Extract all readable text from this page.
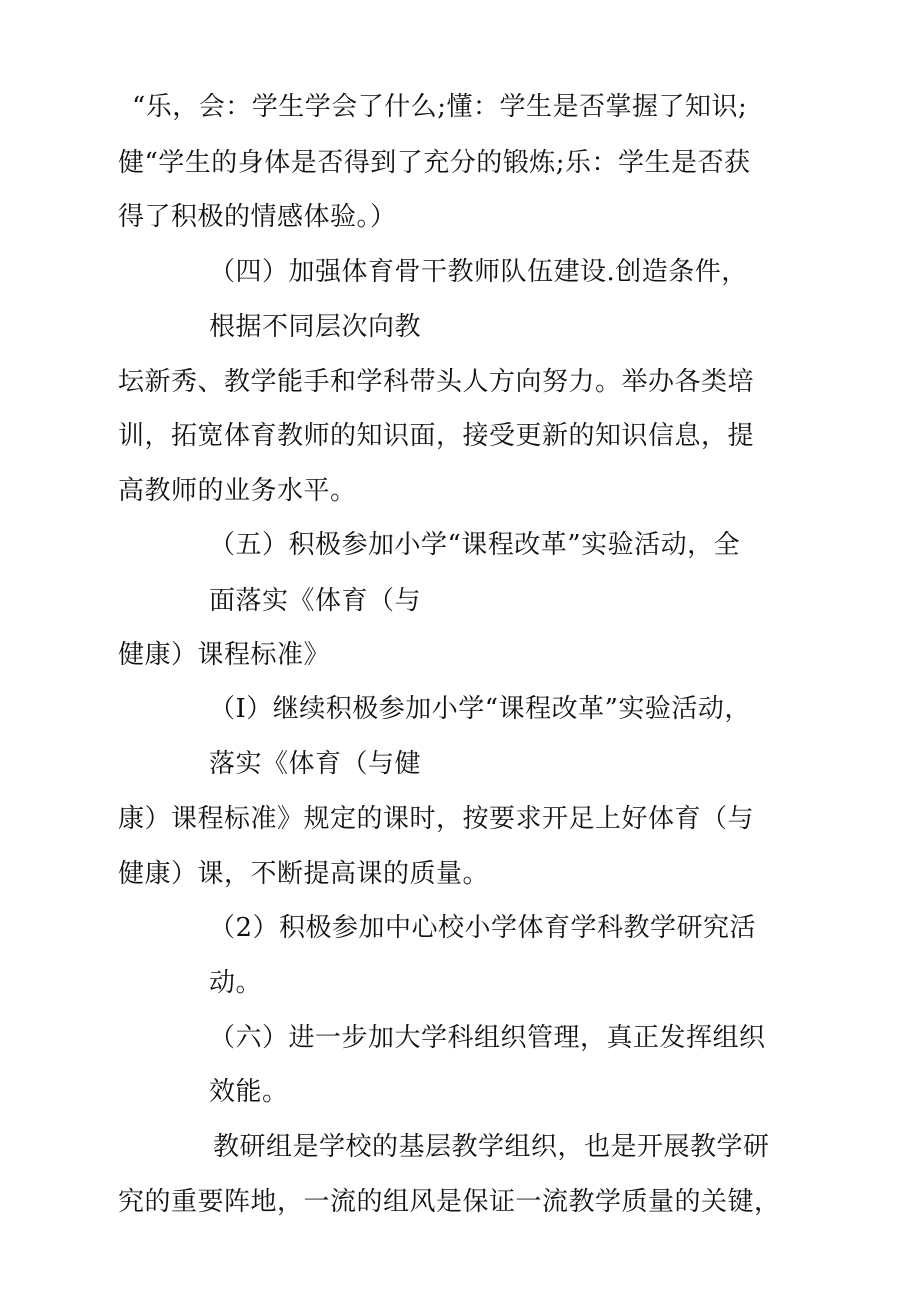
“乐，会：学生学会了什么;懂：学生是否掌握了知识;
健“学生的身体是否得到了充分的锻炼;乐：学生是否获
得了积极的情感体验。）
（四）加强体育骨干教师队伍建设.创造条件，
根据不同层次向教
坛新秀、教学能手和学科带头人方向努力。举办各类培
训，拓宽体育教师的知识面，接受更新的知识信息，提
高教师的业务水平。
（五）积极参加小学“课程改革”实验活动，全
面落实《体育（与
健康）课程标准》
（I）继续积极参加小学“课程改革”实验活动，
落实《体育（与健
康）课程标准》规定的课时，按要求开足上好体育（与
健康）课，不断提高课的质量。
（2）积极参加中心校小学体育学科教学研究活
动。
（六）进一步加大学科组织管理，真正发挥组织
效能。
教研组是学校的基层教学组织，也是开展教学研
究的重要阵地，一流的组风是保证一流教学质量的关键，
